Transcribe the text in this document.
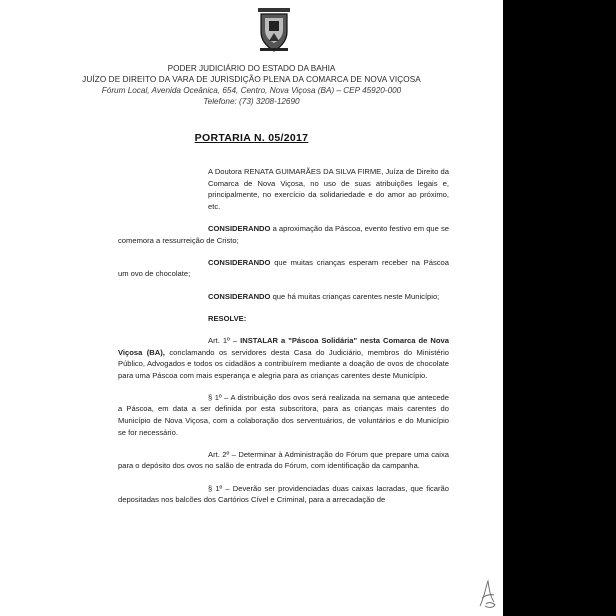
PODER JUDICIÁRIO DO ESTADO DA BAHIA
JUÍZO DE DIREITO DA VARA DE JURISDIÇÃO PLENA DA COMARCA DE NOVA VIÇOSA
Fórum Local, Avenida Oceânica, 654, Centro, Nova Viçosa (BA) – CEP 45920-000
Telefone: (73) 3208-12690
PORTARIA N. 05/2017

A Doutora RENATA GUIMARÃES DA SILVA FIRME, Juíza de Direito da Comarca de Nova Viçosa, no uso de suas atribuições legais e, principalmente, no exercício da solidariedade e do amor ao próximo, etc.

CONSIDERANDO a aproximação da Páscoa, evento festivo em que se comemora a ressurreição de Cristo;

CONSIDERANDO que muitas crianças esperam receber na Páscoa um ovo de chocolate;

CONSIDERANDO que há muitas crianças carentes neste Município;

RESOLVE:

Art. 1º – INSTALAR a "Páscoa Solidária" nesta Comarca de Nova Viçosa (BA), conclamando os servidores desta Casa do Judiciário, membros do Ministério Público, Advogados e todos os cidadãos a contribuírem mediante a doação de ovos de chocolate para uma Páscoa com mais esperança e alegria para as crianças carentes deste Município.

§ 1º – A distribuição dos ovos será realizada na semana que antecede a Páscoa, em data a ser definida por esta subscritora, para as crianças mais carentes do Município de Nova Viçosa, com a colaboração dos serventuários, de voluntários e do Município se for necessário.

Art. 2º – Determinar à Administração do Fórum que prepare uma caixa para o depósito dos ovos no salão de entrada do Fórum, com identificação da campanha.

§ 1º – Deverão ser providenciadas duas caixas lacradas, que ficarão depositadas nos balcões dos Cartórios Cível e Criminal, para a arrecadação de
